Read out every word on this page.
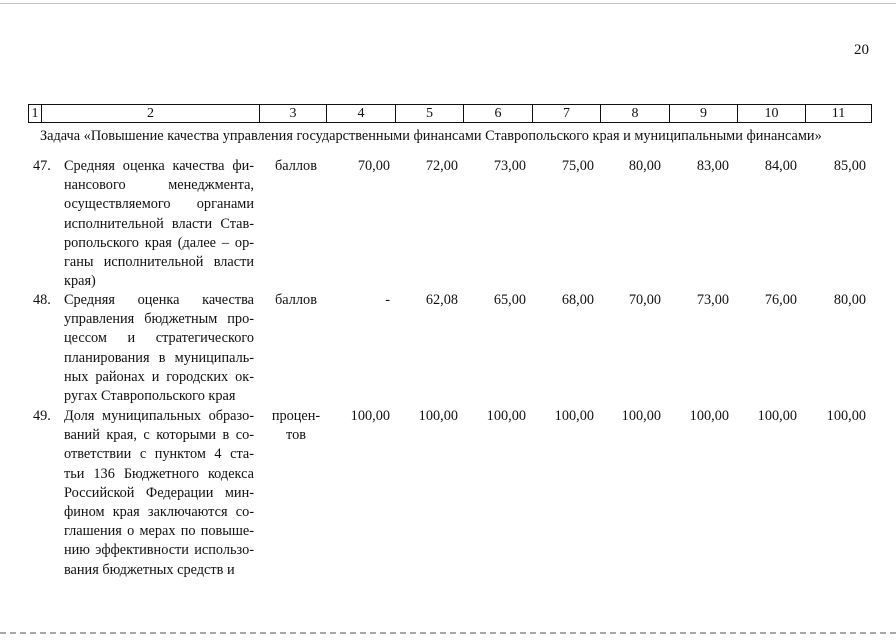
20
1	2	3	4	5	6	7	8	9	10	11
Задача «Повышение качества управления государственными финансами Ставропольского края и муниципальными финансами»
47. Средняя оценка качества фи-
нансового менеджмента,
осуществляемого органами
исполнительной власти Став-
ропольского края (далее – ор-
ганы исполнительной власти
края)
баллов	70,00	72,00	73,00	75,00 80,00	83,00	84,00	85,00
48. Средняя оценка качества
управления бюджетным про-
цессом и стратегического
планирования в муниципаль-
ных районах и городских ок-
ругах Ставропольского края
баллов	-	62,08	65,00	68,00 70,00	73,00	76,00	80,00
49. Доля муниципальных образо-
ваний края, с которыми в со-
ответствии с пунктом 4 ста-
тьи 136 Бюджетного кодекса
Российской Федерации мин-
фином края заключаются со-
глашения о мерах по повыше-
нию эффективности использо-
вания бюджетных средств и
процен-
тов
100,00 100,00 100,00 100,00 100,00 100,00 100,00 100,00
